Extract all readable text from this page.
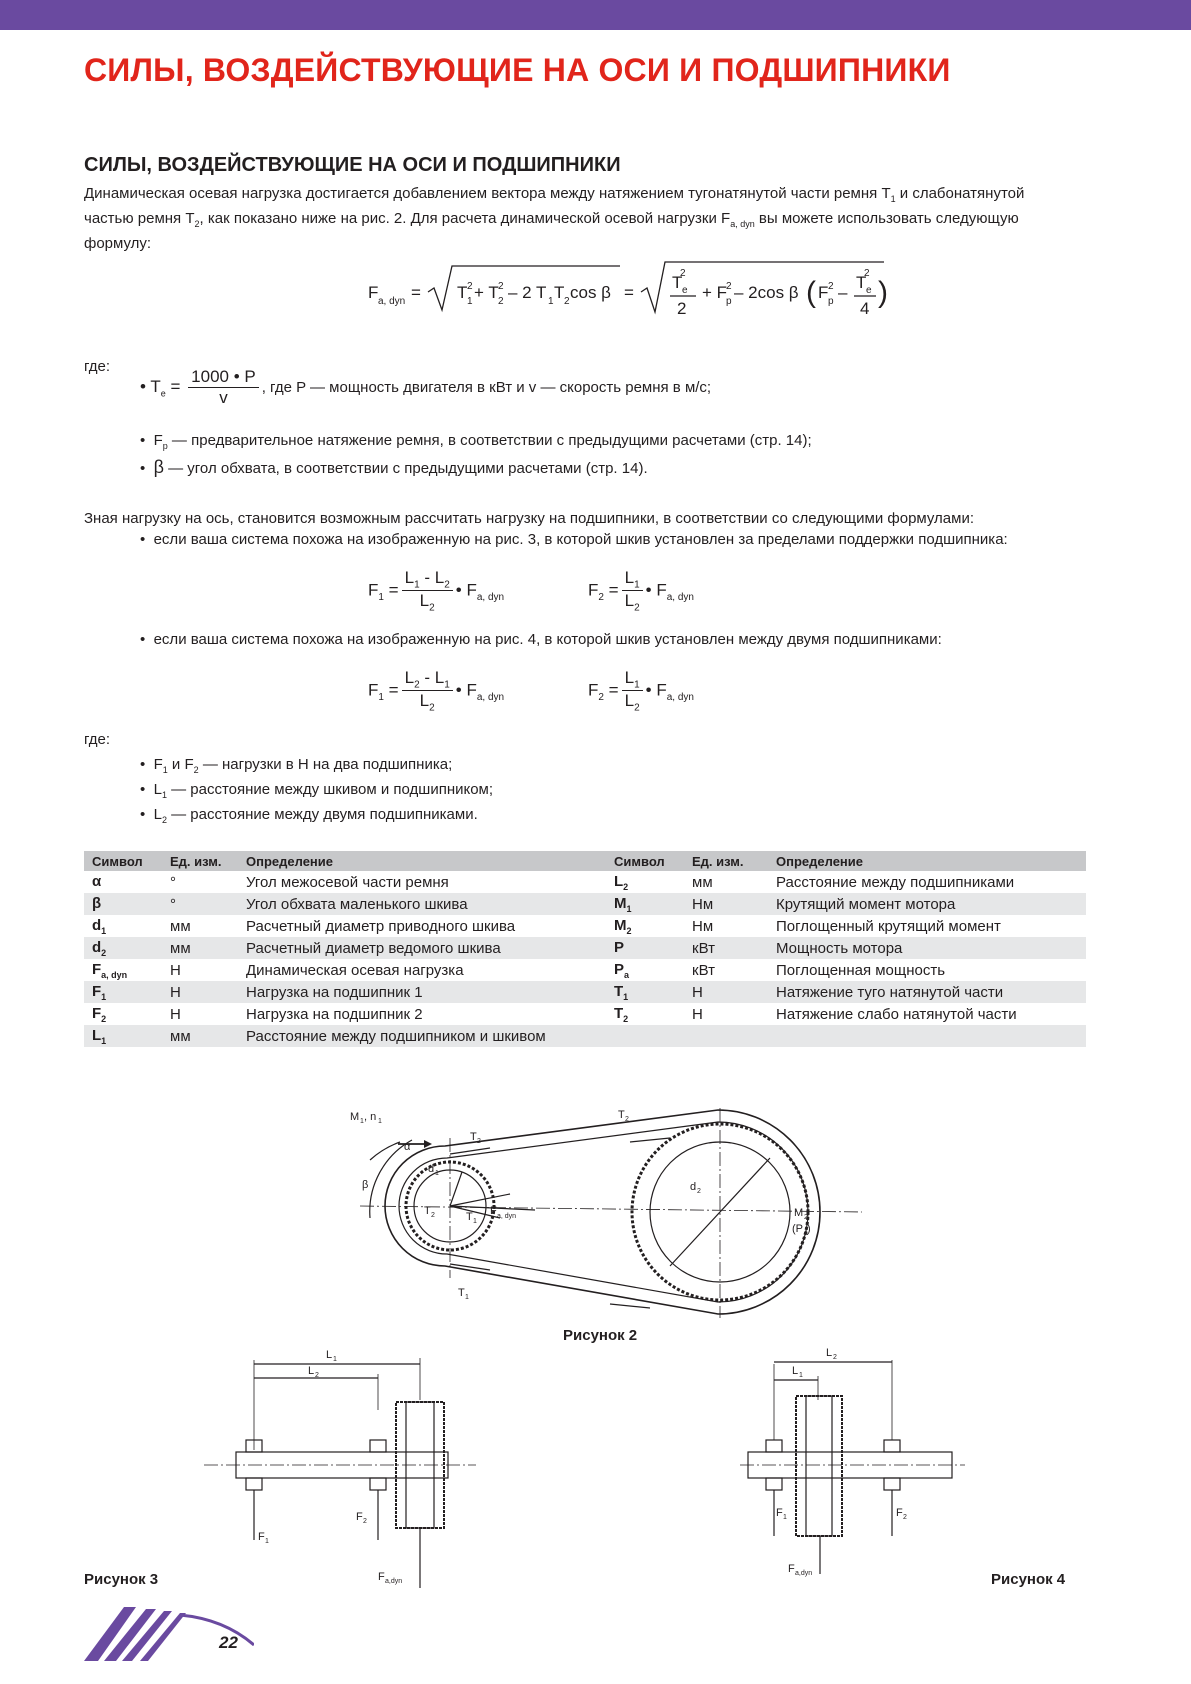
СИЛЫ, ВОЗДЕЙСТВУЮЩИЕ НА ОСИ И ПОДШИПНИКИ
СИЛЫ, ВОЗДЕЙСТВУЮЩИЕ НА ОСИ И ПОДШИПНИКИ
Динамическая осевая нагрузка достигается добавлением вектора между натяжением тугонатянутой части ремня $T_1$ и слабонатянутой
частью ремня $T_2$, как показано ниже на рис. 2. Для расчета динамической осевой нагрузки $F_{a, dyn}$ вы можете использовать следующую
формулу:
F a, dyn = T 1
2 + T 2
2 – 2 T 1 T 2 cos β =
T e
2
2
+ F
p
2 – 2cos β ( F p
2 –
T e
2
4 )
где:
• $T_e = \frac{1000 • P}{v}$ , где P — мощность двигателя в кВт и v — скорость ремня в м/с;
•  $F_p$ — предварительное натяжение ремня, в соответствии с предыдущими расчетами (стр. 14);
•  β — угол обхвата, в соответствии с предыдущими расчетами (стр. 14).
Зная нагрузку на ось, становится возможным рассчитать нагрузку на подшипники, в соответствии со следующими формулами:
•  если ваша система похожа на изображенную на рис. 3, в которой шкив установлен за пределами поддержки подшипника:
$F_1 = \frac{L_1 - L_2}{L_2}$ • $F_{a, dyn}$	$F_2 = \frac{L_1}{L_2}$ • $F_{a, dyn}$
•  если ваша система похожа на изображенную на рис. 4, в которой шкив установлен между двумя подшипниками:
$F_1 = \frac{L_2 - L_1}{L_2}$ • $F_{a, dyn}$	$F_2 = \frac{L_1}{L_2}$ • $F_{a, dyn}$
где:
•  $F_1$ и $F_2$ — нагрузки в Н на два подшипника;
•  $L_1$ — расстояние между шкивом и подшипником;
•  $L_2$ — расстояние между двумя подшипниками.
Символ	Ед. изм.	Определение	Символ	Ед. изм.	Определение
α	°	Угол межосевой части ремня	$L_2$	мм	Расстояние между подшипниками
β	°	Угол обхвата маленького шкива	$M_1$	Нм	Крутящий момент мотора
$d_1$	мм	Расчетный диаметр приводного шкива	$M_2$	Нм	Поглощенный крутящий момент
$d_2$	мм	Расчетный диаметр ведомого шкива	P	кВт	Мощность мотора
$F_{a, dyn}$	Н	Динамическая осевая нагрузка	$P_a$	кВт	Поглощенная мощность
$F_1$	Н	Нагрузка на подшипник 1	$T_1$	Н	Натяжение туго натянутой части
$F_2$	Н	Нагрузка на подшипник 2	$T_2$	Н	Натяжение слабо натянутой части
$L_1$	мм	Расстояние между подшипником и шкивом			
M 1 , n 1
α
β
T 2
T 2
T 1
T 2	F a, dyn
d 1
d 2
M 2
(P a )
T 1
Рисунок 2
L 1
L 2
F 1
F 2
F a,dyn
Рисунок 3
L 2
L 1
F 1	F 2
F a,dyn	Рисунок 4
22
